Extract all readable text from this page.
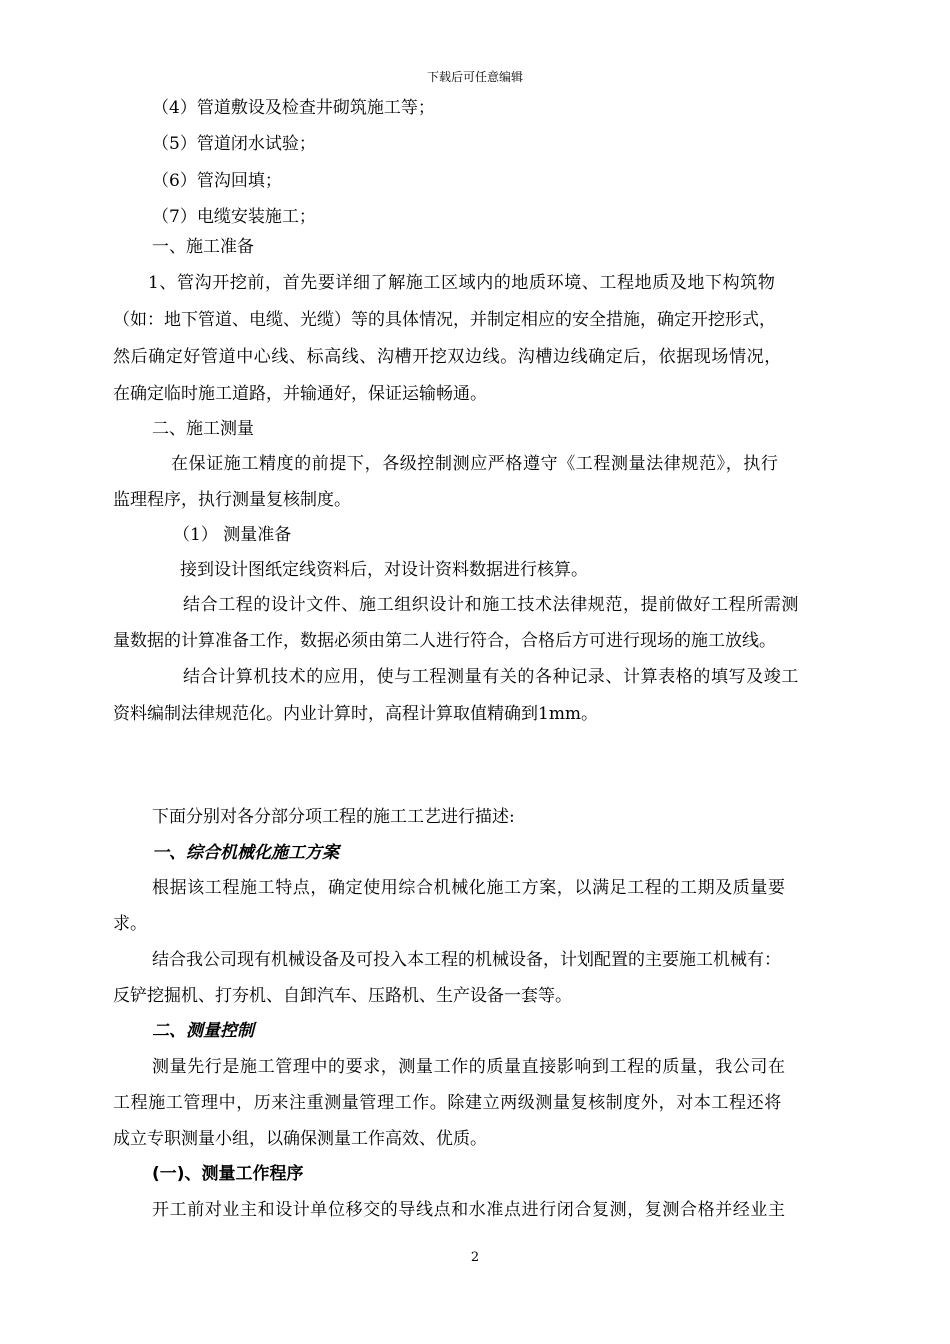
下载后可任意编辑
（4）管道敷设及检查井砌筑施工等；
（5）管道闭水试验；
（6）管沟回填；
（7）电缆安装施工；
一、施工准备
1、管沟开挖前，首先要详细了解施工区域内的地质环境、工程地质及地下构筑物
（如：地下管道、电缆、光缆）等的具体情况，并制定相应的安全措施，确定开挖形式，
然后确定好管道中心线、标高线、沟槽开挖双边线。沟槽边线确定后，依据现场情况，
在确定临时施工道路，并输通好，保证运输畅通。
二、施工测量
在保证施工精度的前提下，各级控制测应严格遵守《工程测量法律规范》，执行
监理程序，执行测量复核制度。
（1） 测量准备
接到设计图纸定线资料后，对设计资料数据进行核算。
结合工程的设计文件、施工组织设计和施工技术法律规范，提前做好工程所需测
量数据的计算准备工作，数据必须由第二人进行符合，合格后方可进行现场的施工放线。
结合计算机技术的应用，使与工程测量有关的各种记录、计算表格的填写及竣工
资料编制法律规范化。内业计算时，高程计算取值精确到1mm。
下面分别对各分部分项工程的施工工艺进行描述:
一、综合机械化施工方案
根据该工程施工特点，确定使用综合机械化施工方案，以满足工程的工期及质量要
求。
结合我公司现有机械设备及可投入本工程的机械设备，计划配置的主要施工机械有：
反铲挖掘机、打夯机、自卸汽车、压路机、生产设备一套等。
二、测量控制
测量先行是施工管理中的要求，测量工作的质量直接影响到工程的质量，我公司在
工程施工管理中，历来注重测量管理工作。除建立两级测量复核制度外，对本工程还将
成立专职测量小组，以确保测量工作高效、优质。
(一)、测量工作程序
开工前对业主和设计单位移交的导线点和水准点进行闭合复测，复测合格并经业主
2
